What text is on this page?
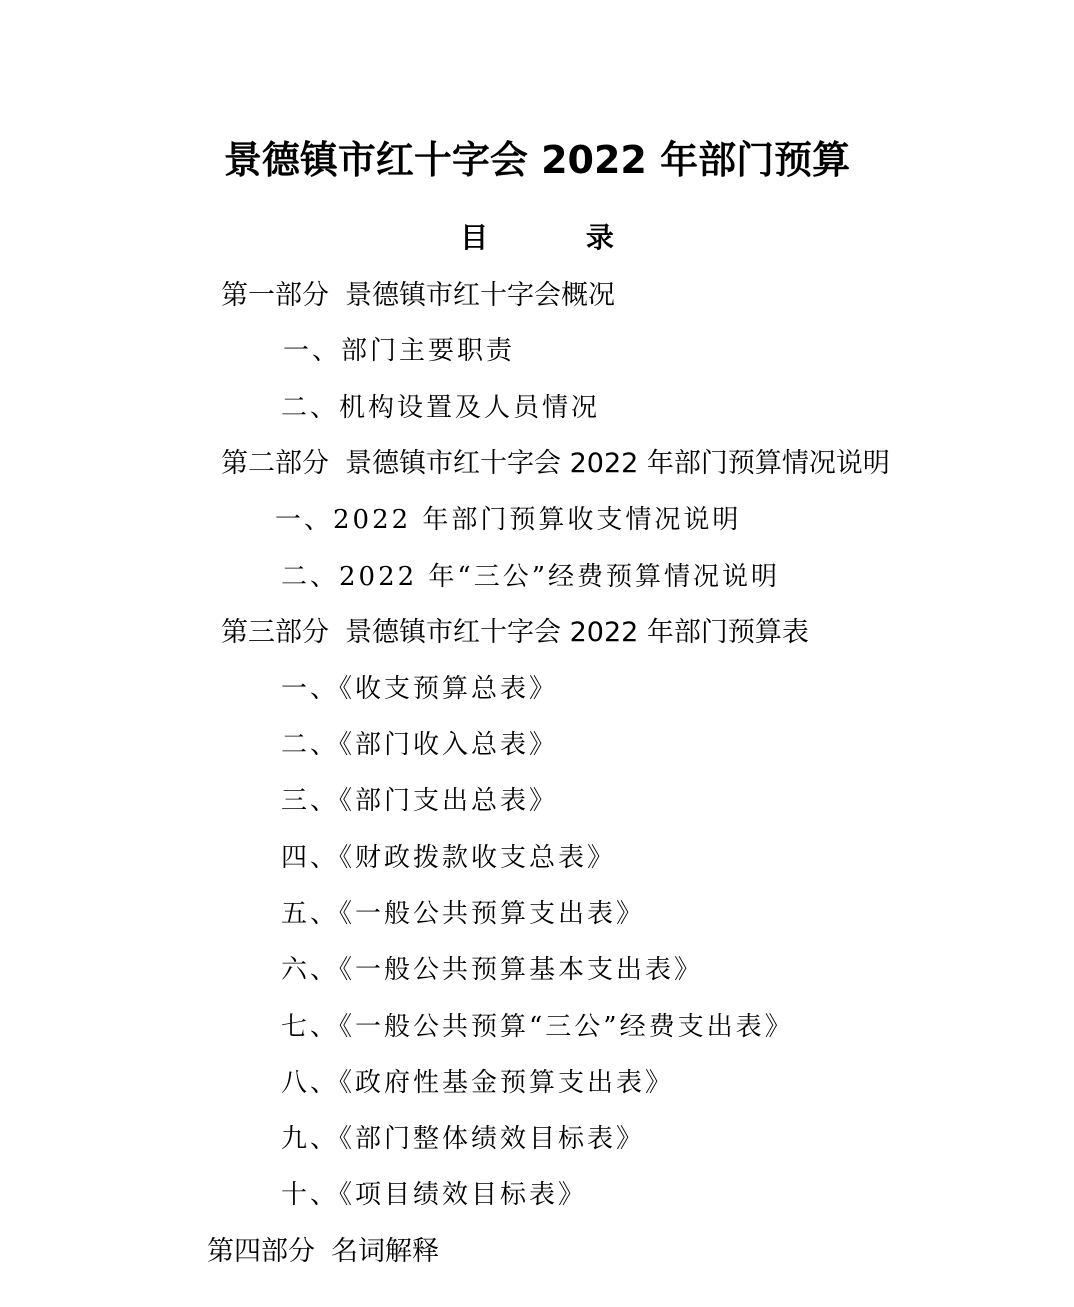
景德镇市红十字会 2022 年部门预算
目 录
第一部分 景德镇市红十字会概况
一、部门主要职责
二、机构设置及人员情况
第二部分 景德镇市红十字会 2022 年部门预算情况说明
一、2022 年部门预算收支情况说明
二、2022 年“三公”经费预算情况说明
第三部分 景德镇市红十字会 2022 年部门预算表
一、《收支预算总表》
二、《部门收入总表》
三、《部门支出总表》
四、《财政拨款收支总表》
五、《一般公共预算支出表》
六、《一般公共预算基本支出表》
七、《一般公共预算“三公”经费支出表》
八、《政府性基金预算支出表》
九、《部门整体绩效目标表》
十、《项目绩效目标表》
第四部分 名词解释
